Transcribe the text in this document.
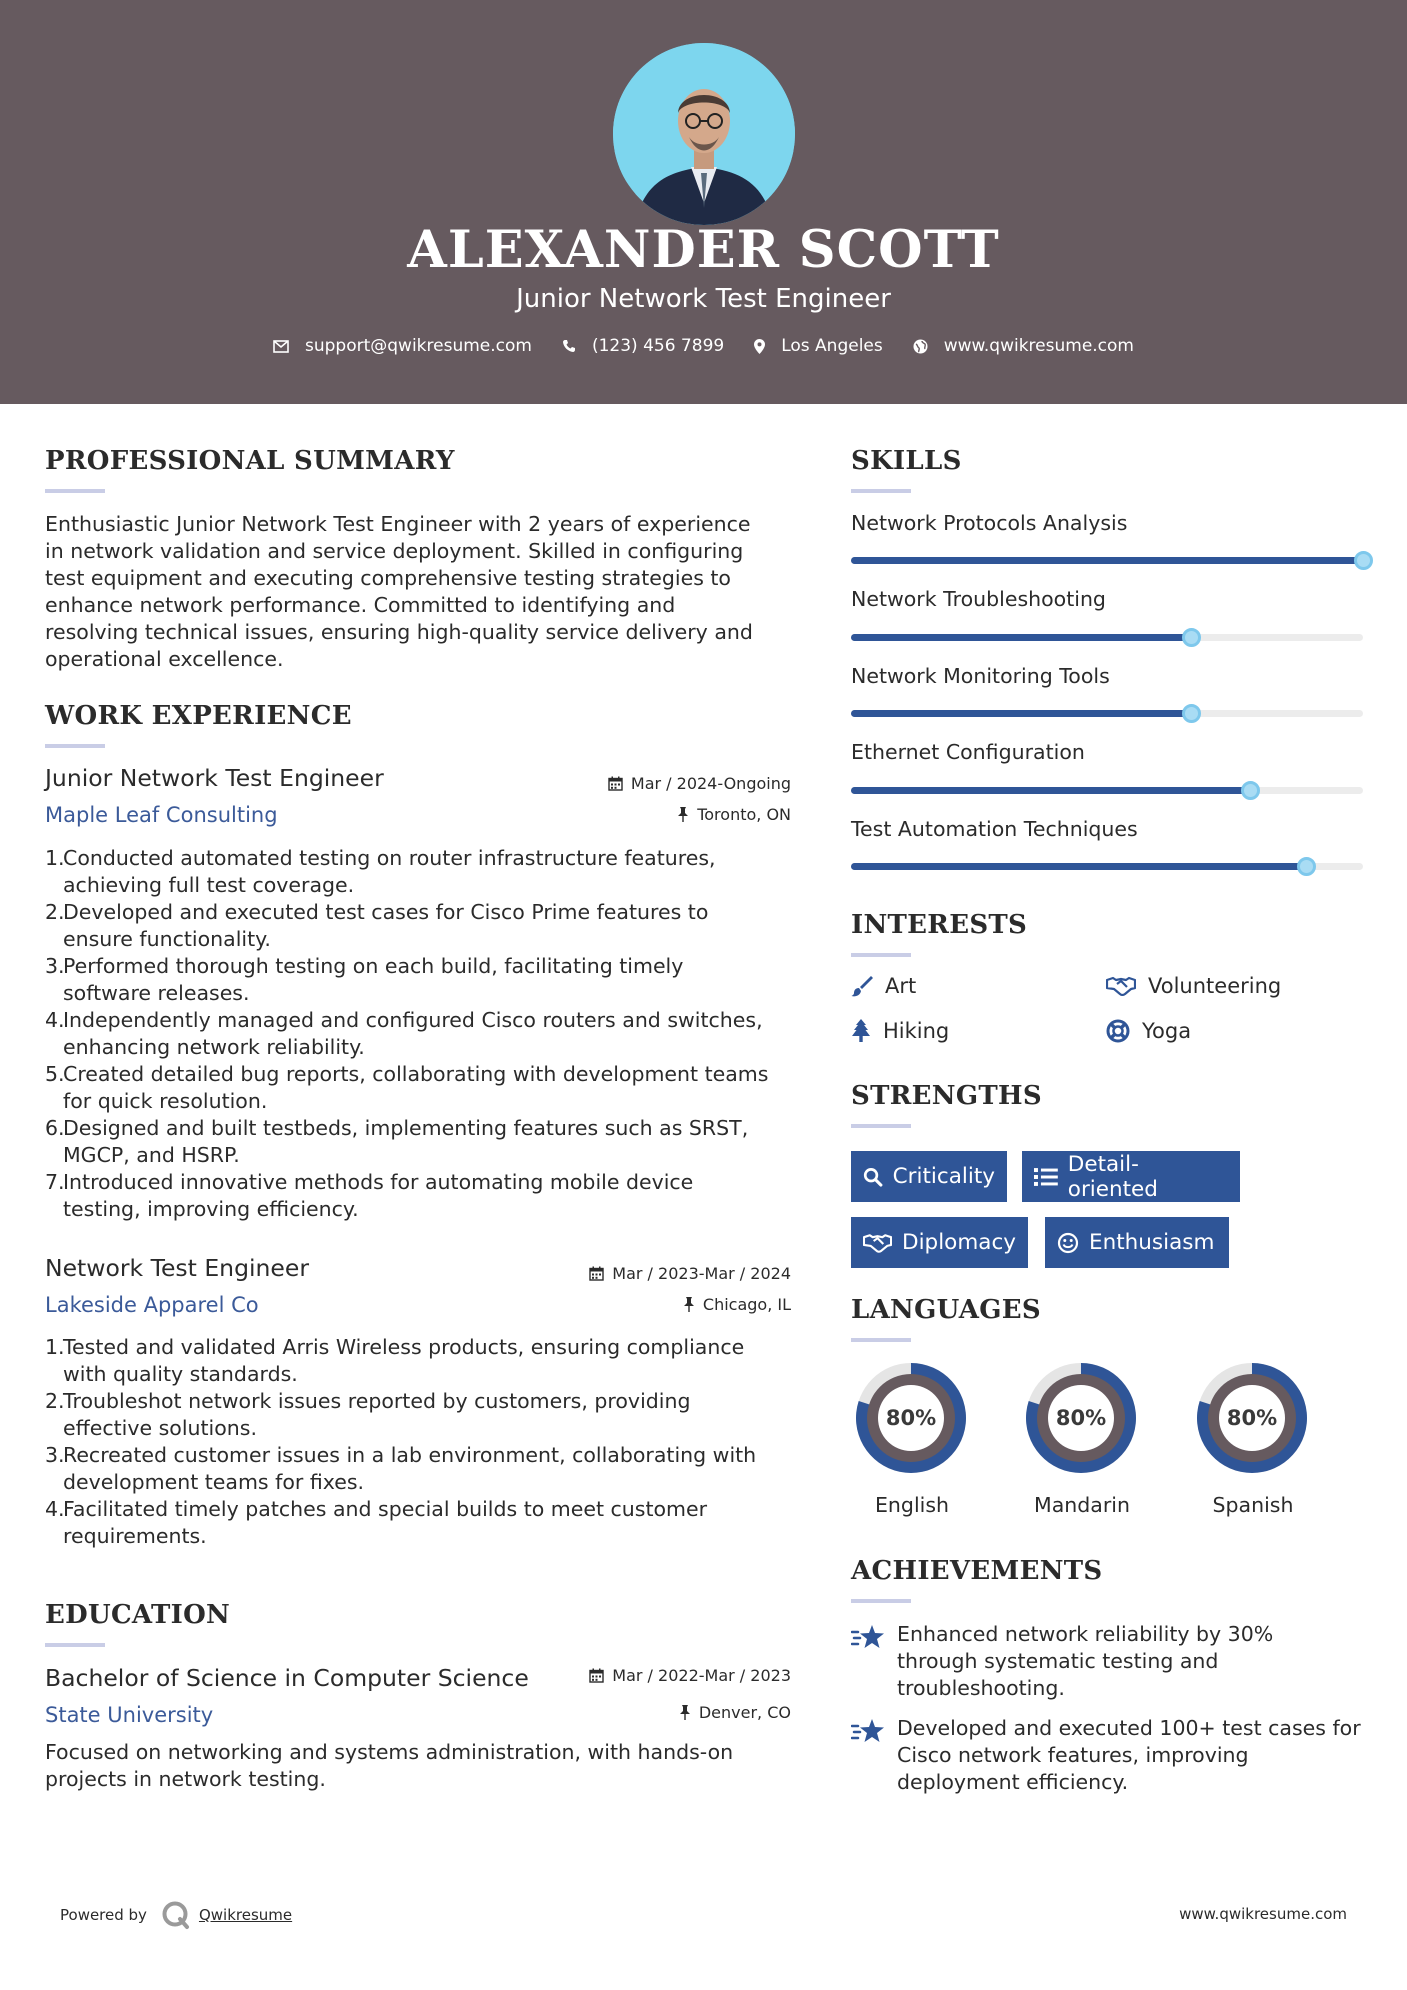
ALEXANDER SCOTT
Junior Network Test Engineer
support@qwikresume.com	(123) 456 7899	Los Angeles	www.qwikresume.com
PROFESSIONAL SUMMARY
Enthusiastic Junior Network Test Engineer with 2 years of experience
in network validation and service deployment. Skilled in configuring
test equipment and executing comprehensive testing strategies to
enhance network performance. Committed to identifying and
resolving technical issues, ensuring high-quality service delivery and
operational excellence.
WORK EXPERIENCE
Junior Network Test Engineer	Mar / 2024-Ongoing
Maple Leaf Consulting	Toronto, ON
1.
Conducted automated testing on router infrastructure features,
achieving full test coverage.
2.
Developed and executed test cases for Cisco Prime features to
ensure functionality.
3.
Performed thorough testing on each build, facilitating timely
software releases.
4.
Independently managed and configured Cisco routers and switches,
enhancing network reliability.
5.
Created detailed bug reports, collaborating with development teams
for quick resolution.
6.
Designed and built testbeds, implementing features such as SRST,
MGCP, and HSRP.
7.
Introduced innovative methods for automating mobile device
testing, improving efficiency.
Network Test Engineer	Mar / 2023-Mar / 2024
Lakeside Apparel Co	Chicago, IL
1.
Tested and validated Arris Wireless products, ensuring compliance
with quality standards.
2.
Troubleshot network issues reported by customers, providing
effective solutions.
3.
Recreated customer issues in a lab environment, collaborating with
development teams for fixes.
4.
Facilitated timely patches and special builds to meet customer
requirements.
EDUCATION
Bachelor of Science in Computer Science	Mar / 2022-Mar / 2023
State University	Denver, CO
Focused on networking and systems administration, with hands-on
projects in network testing.
SKILLS
Network Protocols Analysis
Network Troubleshooting
Network Monitoring Tools
Ethernet Configuration
Test Automation Techniques
INTERESTS
Art	Volunteering
Hiking	Yoga
STRENGTHS
Criticality	Detail-oriented
Diplomacy	Enthusiasm
LANGUAGES
80%
English
80%
Mandarin
80%
Spanish
ACHIEVEMENTS
Enhanced network reliability by 30%
through systematic testing and
troubleshooting.
Developed and executed 100+ test cases for
Cisco network features, improving
deployment efficiency.
Powered by	Qwikresume	www.qwikresume.com
